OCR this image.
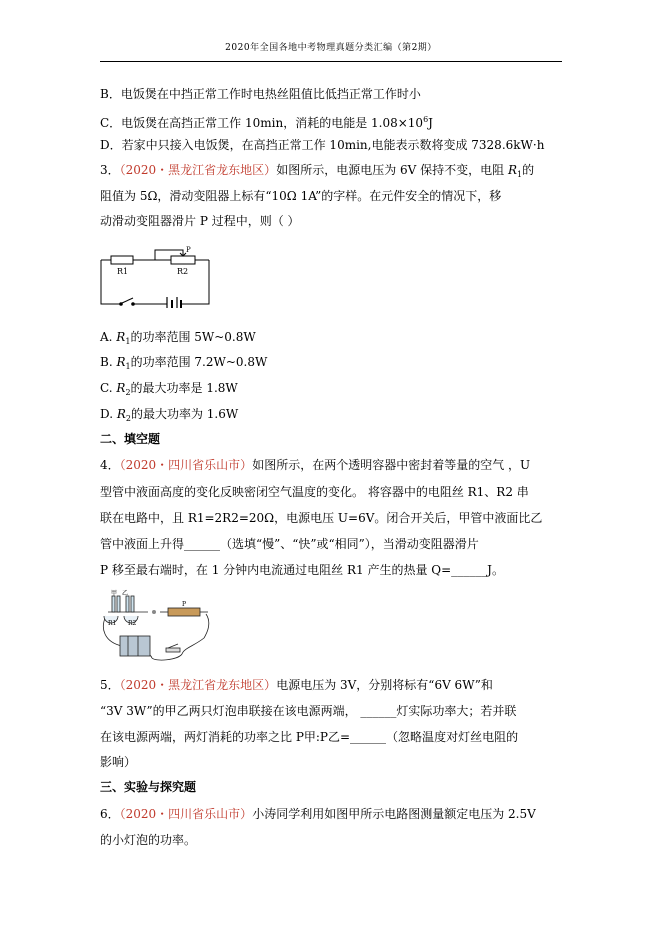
2020年全国各地中考物理真题分类汇编（第2期）
B．电饭煲在中挡正常工作时电热丝阻值比低挡正常工作时小
C．电饭煲在高挡正常工作 10min，消耗的电能是 $1.08\times 10^6J$
D．若家中只接入电饭煲，在高挡正常工作 10min,电能表示数将变成 7328.6kW·h
3．（2020・黑龙江省龙东地区）如图所示，电源电压为 6V 保持不变，电阻 $R_1$的
阻值为 5Ω，滑动变阻器上标有“10Ω 1A”的字样。在元件安全的情况下，移
动滑动变阻器滑片 P 过程中，则（ ）
R1	R2
P
A. $R_1$的功率范围 5W~0.8W
B. $R_1$的功率范围 7.2W~0.8W
C. $R_2$的最大功率是 1.8W
D. $R_2$的最大功率为 1.6W
二、填空题
4．（2020・四川省乐山市）如图所示，在两个透明容器中密封着等量的空气 ，U
型管中液面高度的变化反映密闭空气温度的变化。 将容器中的电阻丝 R1、R2 串
联在电路中，且 R1=2R2=20Ω，电源电压 U=6V。闭合开关后，甲管中液面比乙
管中液面上升得______（选填“慢”、“快”或“相同”），当滑动变阻器滑片
P 移至最右端时，在 1 分钟内电流通过电阻丝 R1 产生的热量 Q=______J。
甲 乙
R1 R2
P
5．（2020・黑龙江省龙东地区）电源电压为 3V，分别将标有“6V 6W”和
“3V 3W”的甲乙两只灯泡串联接在该电源两端， ______灯实际功率大；若并联
在该电源两端，两灯消耗的功率之比 P甲:P乙=______（忽略温度对灯丝电阻的
影响）
三、实验与探究题
6．（2020・四川省乐山市）小涛同学利用如图甲所示电路图测量额定电压为 2.5V
的小灯泡的功率。
